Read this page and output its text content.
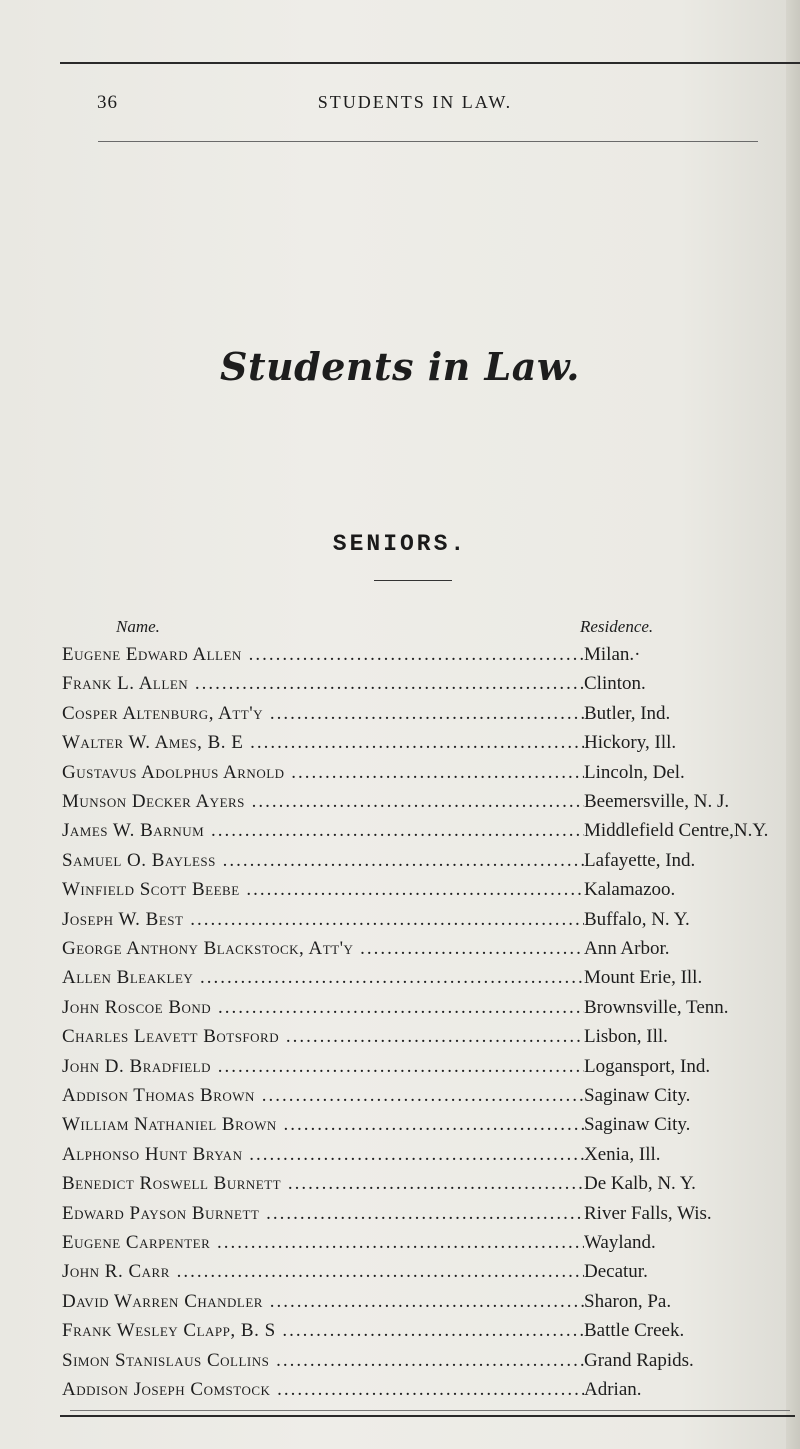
36	STUDENTS IN LAW.
Students in Law.
SENIORS.
Name.	Residence.
Eugene Edward Allen .....	Milan.·
Frank L. Allen .....	Clinton.
Cosper Altenburg, Att'y .....	Butler, Ind.
Walter W. Ames, B. E .....	Hickory, Ill.
Gustavus Adolphus Arnold .....	Lincoln, Del.
Munson Decker Ayers .....	Beemersville, N. J.
James W. Barnum .....	Middlefield Centre,N.Y.
Samuel O. Bayless .....	Lafayette, Ind.
Winfield Scott Beebe .....	Kalamazoo.
Joseph W. Best .....	Buffalo, N. Y.
George Anthony Blackstock, Att'y .....	Ann Arbor.
Allen Bleakley .....	Mount Erie, Ill.
John Roscoe Bond .....	Brownsville, Tenn.
Charles Leavett Botsford .....	Lisbon, Ill.
John D. Bradfield .....	Logansport, Ind.
Addison Thomas Brown .....	Saginaw City.
William Nathaniel Brown .....	Saginaw City.
Alphonso Hunt Bryan .....	Xenia, Ill.
Benedict Roswell Burnett .....	De Kalb, N. Y.
Edward Payson Burnett .....	River Falls, Wis.
Eugene Carpenter .....	Wayland.
John R. Carr .....	Decatur.
David Warren Chandler .....	Sharon, Pa.
Frank Wesley Clapp, B. S .....	Battle Creek.
Simon Stanislaus Collins .....	Grand Rapids.
Addison Joseph Comstock .....	Adrian.
